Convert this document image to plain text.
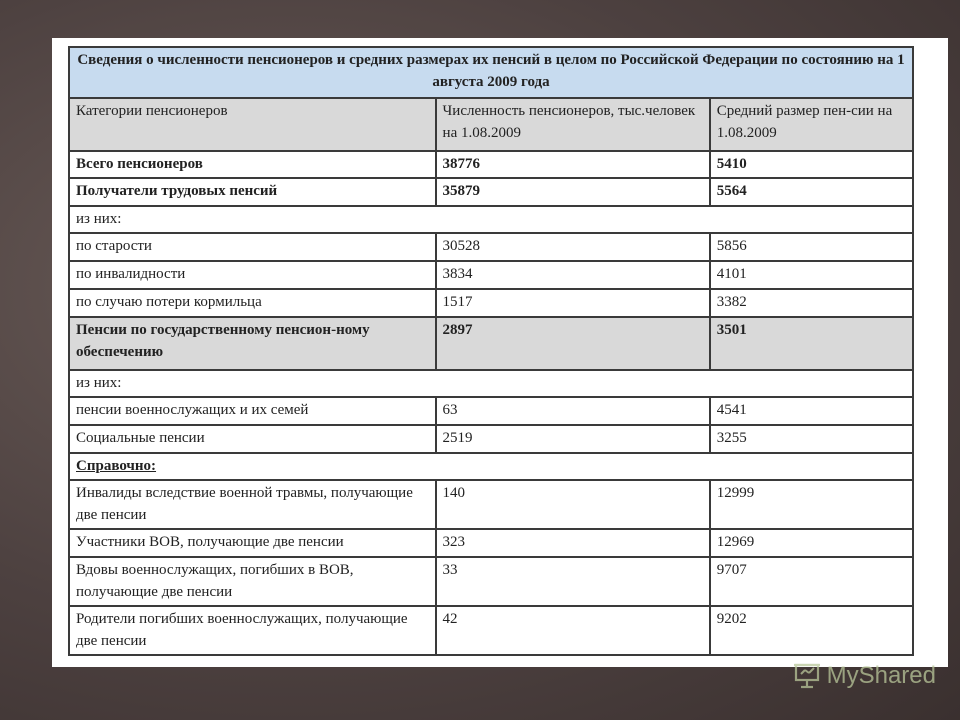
Сведения о численности пенсионеров и средних размерах их пенсий в целом по Российской Федерации по состоянию на 1 августа 2009 года		
Категории пенсионеров	Численность пенсионеров, тыс.человек на 1.08.2009	Средний размер пен-сии на 1.08.2009
Всего пенсионеров	38776	5410
Получатели трудовых пенсий	35879	5564
из них:		
по старости	30528	5856
по инвалидности	3834	4101
по случаю потери кормильца	1517	3382
Пенсии по государственному пенсион-ному обеспечению	2897	3501
из них:		
пенсии военнослужащих и их семей	63	4541
Социальные пенсии	2519	3255
Справочно:		
Инвалиды вследствие военной травмы, получающие две пенсии	140	12999
Участники ВОВ, получающие две пенсии	323	12969
Вдовы военнослужащих, погибших в ВОВ, получающие две пенсии	33	9707
Родители погибших военнослужащих, получающие две пенсии	42	9202
MyShared
